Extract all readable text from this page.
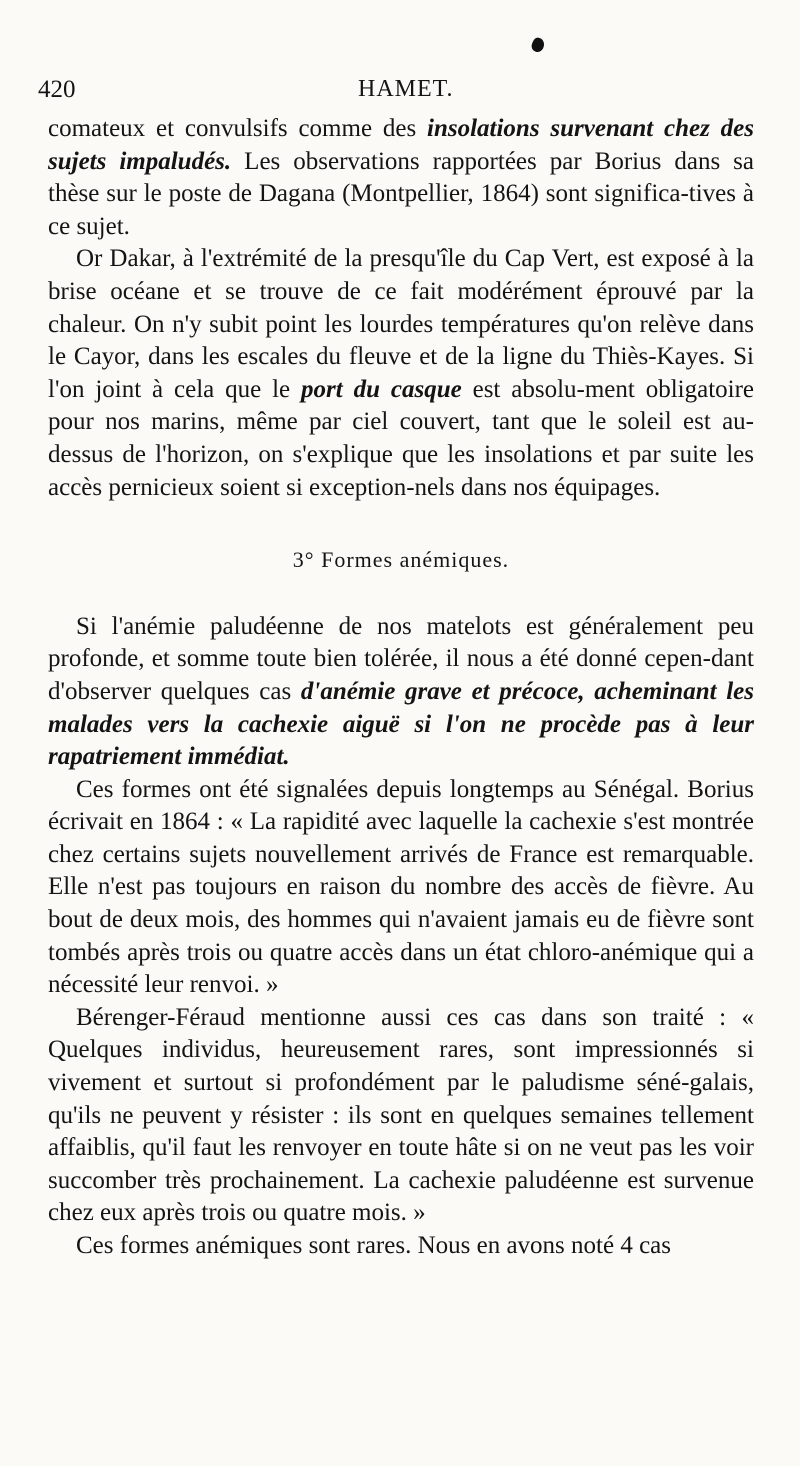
420	HAMET.

comateux et convulsifs comme des insolations survenant chez des sujets impaludés. Les observations rapportées par Borius dans sa thèse sur le poste de Dagana (Montpellier, 1864) sont significa-tives à ce sujet.

Or Dakar, à l'extrémité de la presqu'île du Cap Vert, est exposé à la brise océane et se trouve de ce fait modérément éprouvé par la chaleur. On n'y subit point les lourdes températures qu'on relève dans le Cayor, dans les escales du fleuve et de la ligne du Thiès-Kayes. Si l'on joint à cela que le port du casque est absolu-ment obligatoire pour nos marins, même par ciel couvert, tant que le soleil est au-dessus de l'horizon, on s'explique que les insolations et par suite les accès pernicieux soient si exception-nels dans nos équipages.

3° Formes anémiques.

Si l'anémie paludéenne de nos matelots est généralement peu profonde, et somme toute bien tolérée, il nous a été donné cepen-dant d'observer quelques cas d'anémie grave et précoce, acheminant les malades vers la cachexie aiguë si l'on ne procède pas à leur rapatriement immédiat.

Ces formes ont été signalées depuis longtemps au Sénégal. Borius écrivait en 1864 : « La rapidité avec laquelle la cachexie s'est montrée chez certains sujets nouvellement arrivés de France est remarquable. Elle n'est pas toujours en raison du nombre des accès de fièvre. Au bout de deux mois, des hommes qui n'avaient jamais eu de fièvre sont tombés après trois ou quatre accès dans un état chloro-anémique qui a nécessité leur renvoi. »

Bérenger-Féraud mentionne aussi ces cas dans son traité : « Quelques individus, heureusement rares, sont impressionnés si vivement et surtout si profondément par le paludisme séné-galais, qu'ils ne peuvent y résister : ils sont en quelques semaines tellement affaiblis, qu'il faut les renvoyer en toute hâte si on ne veut pas les voir succomber très prochainement. La cachexie paludéenne est survenue chez eux après trois ou quatre mois. »

Ces formes anémiques sont rares. Nous en avons noté 4 cas
